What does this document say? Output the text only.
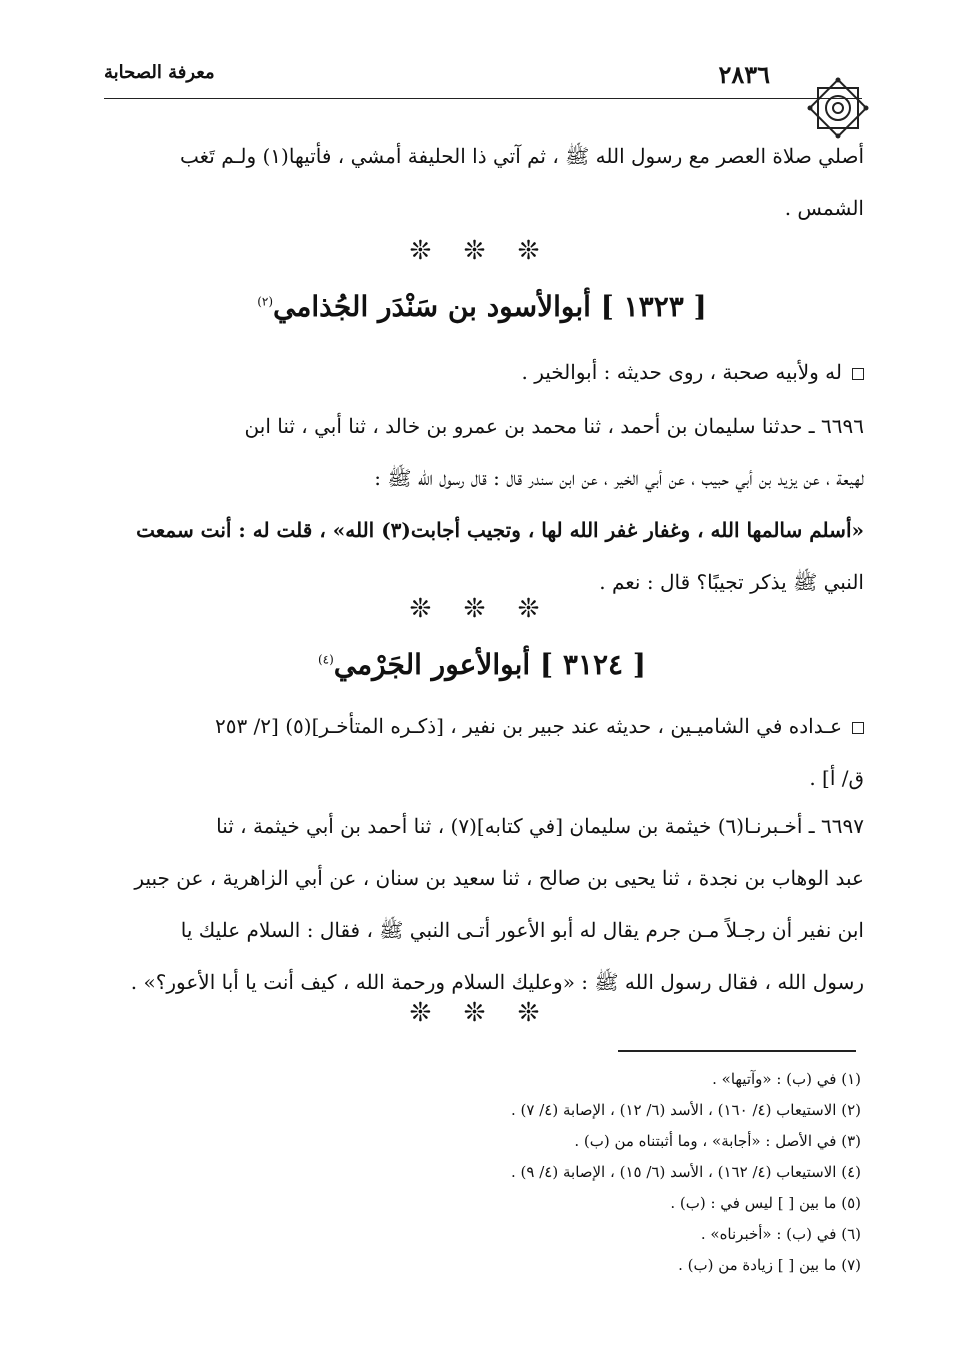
معرفة الصحابة	٢٨٣٦
أصلي صلاة العصر مع رسول الله ﷺ ، ثم آتي ذا الحليفة أمشي ، فأتيها(١) ولـم تَغب
الشمس .
❊ ❊ ❊
[ ١٣٢٣ ] أبوالأسود بن سَنْدَر الجُذامي$^{(٢)}$
له ولأبيه صحبة ، روى حديثه : أبوالخير .
٦٦٩٦ ـ حدثنا سليمان بن أحمد ، ثنا محمد بن عمرو بن خالد ، ثنا أبي ، ثنا ابن
لهيعة ، عن يزيد بن أبي حبيب ، عن أبي الخير ، عن ابن سندر قال : قال رسول الله ﷺ :
«أسلم سالمها الله ، وغفار غفر الله لها ، وتجيب أجابت(٣) الله» ، قلت له : أنت سمعت
النبي ﷺ يذكر تجيبًا؟ قال : نعم .
❊ ❊ ❊
[ ٣١٢٤ ] أبوالأعور الجَرْمي$^{(٤)}$
عـداده في الشاميـين ، حديثه عند جبير بن نفير ، [ذكـره المتأخـر](٥) [٢/ ٢٥٣
ق/ أ] .
٦٦٩٧ ـ أخـبرنـا(٦) خيثمة بن سليمان [في كتابه](٧) ، ثنا أحمد بن أبي خيثمة ، ثنا
عبد الوهاب بن نجدة ، ثنا يحيى بن صالح ، ثنا سعيد بن سنان ، عن أبي الزاهرية ، عن جبير
ابن نفير أن رجـلاً مـن جرم يقال له أبو الأعور أتـى النبي ﷺ ، فقال : السلام عليك يا
رسول الله ، فقال رسول الله ﷺ : «وعليك السلام ورحمة الله ، كيف أنت يا أبا الأعور؟» .
❊ ❊ ❊
(١) في (ب) : «وآتيها» .
(٢) الاستيعاب (٤/ ١٦٠) ، الأسد (٦/ ١٢) ، الإصابة (٤/ ٧) .
(٣) في الأصل : «أجابة» ، وما أثبتناه من (ب) .
(٤) الاستيعاب (٤/ ١٦٢) ، الأسد (٦/ ١٥) ، الإصابة (٤/ ٩) .
(٥) ما بين [ ] ليس في : (ب) .
(٦) في (ب) : «أخبرناه» .
(٧) ما بين [ ] زيادة من (ب) .
